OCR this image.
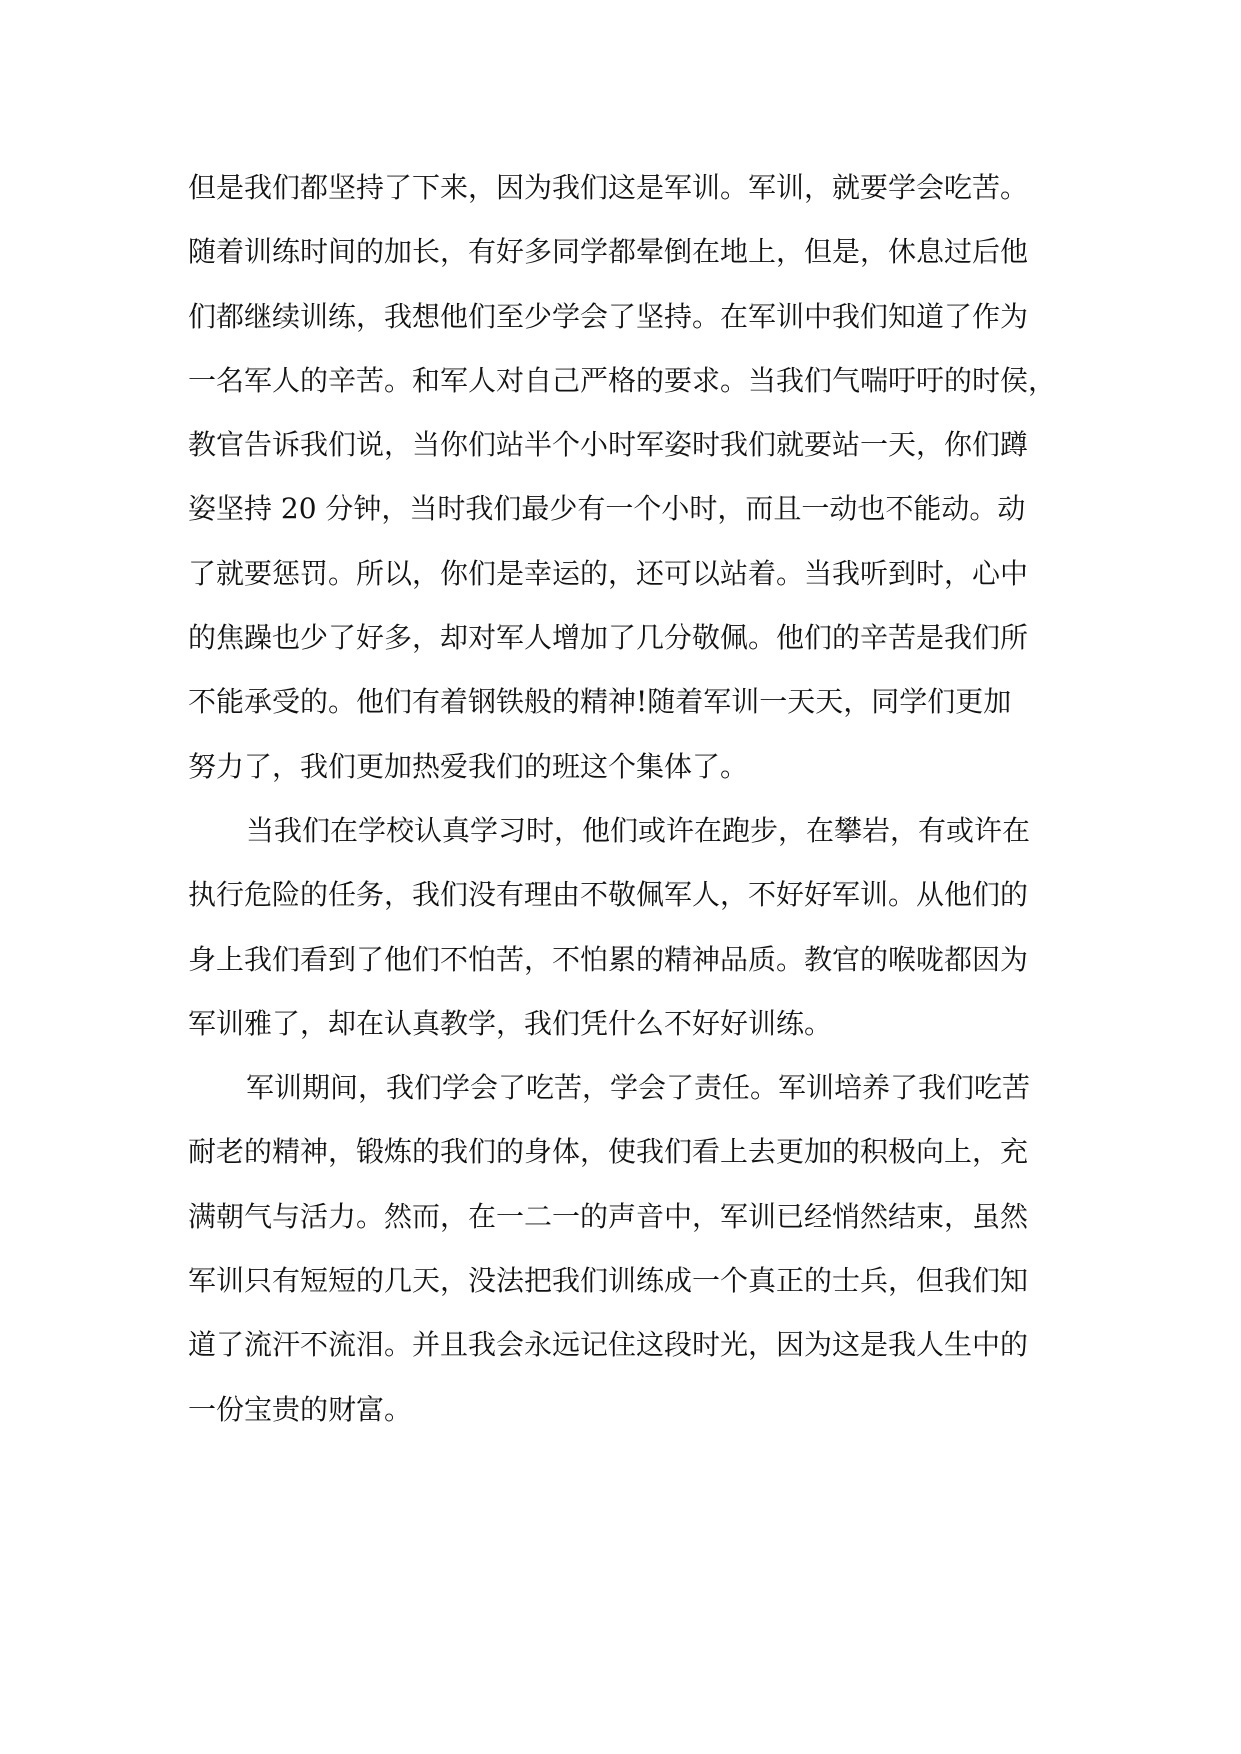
但是我们都坚持了下来，因为我们这是军训。军训，就要学会吃苦。
随着训练时间的加长，有好多同学都晕倒在地上，但是，休息过后他
们都继续训练，我想他们至少学会了坚持。在军训中我们知道了作为
一名军人的辛苦。和军人对自己严格的要求。当我们气喘吁吁的时侯，
教官告诉我们说，当你们站半个小时军姿时我们就要站一天，你们蹲
姿坚持 20 分钟，当时我们最少有一个小时，而且一动也不能动。动
了就要惩罚。所以，你们是幸运的，还可以站着。当我听到时，心中
的焦躁也少了好多，却对军人增加了几分敬佩。他们的辛苦是我们所
不能承受的。他们有着钢铁般的精神!随着军训一天天，同学们更加
努力了，我们更加热爱我们的班这个集体了。
当我们在学校认真学习时，他们或许在跑步，在攀岩，有或许在
执行危险的任务，我们没有理由不敬佩军人，不好好军训。从他们的
身上我们看到了他们不怕苦，不怕累的精神品质。教官的喉咙都因为
军训雅了，却在认真教学，我们凭什么不好好训练。
军训期间，我们学会了吃苦，学会了责任。军训培养了我们吃苦
耐老的精神，锻炼的我们的身体，使我们看上去更加的积极向上，充
满朝气与活力。然而，在一二一的声音中，军训已经悄然结束，虽然
军训只有短短的几天，没法把我们训练成一个真正的士兵，但我们知
道了流汗不流泪。并且我会永远记住这段时光，因为这是我人生中的
一份宝贵的财富。
